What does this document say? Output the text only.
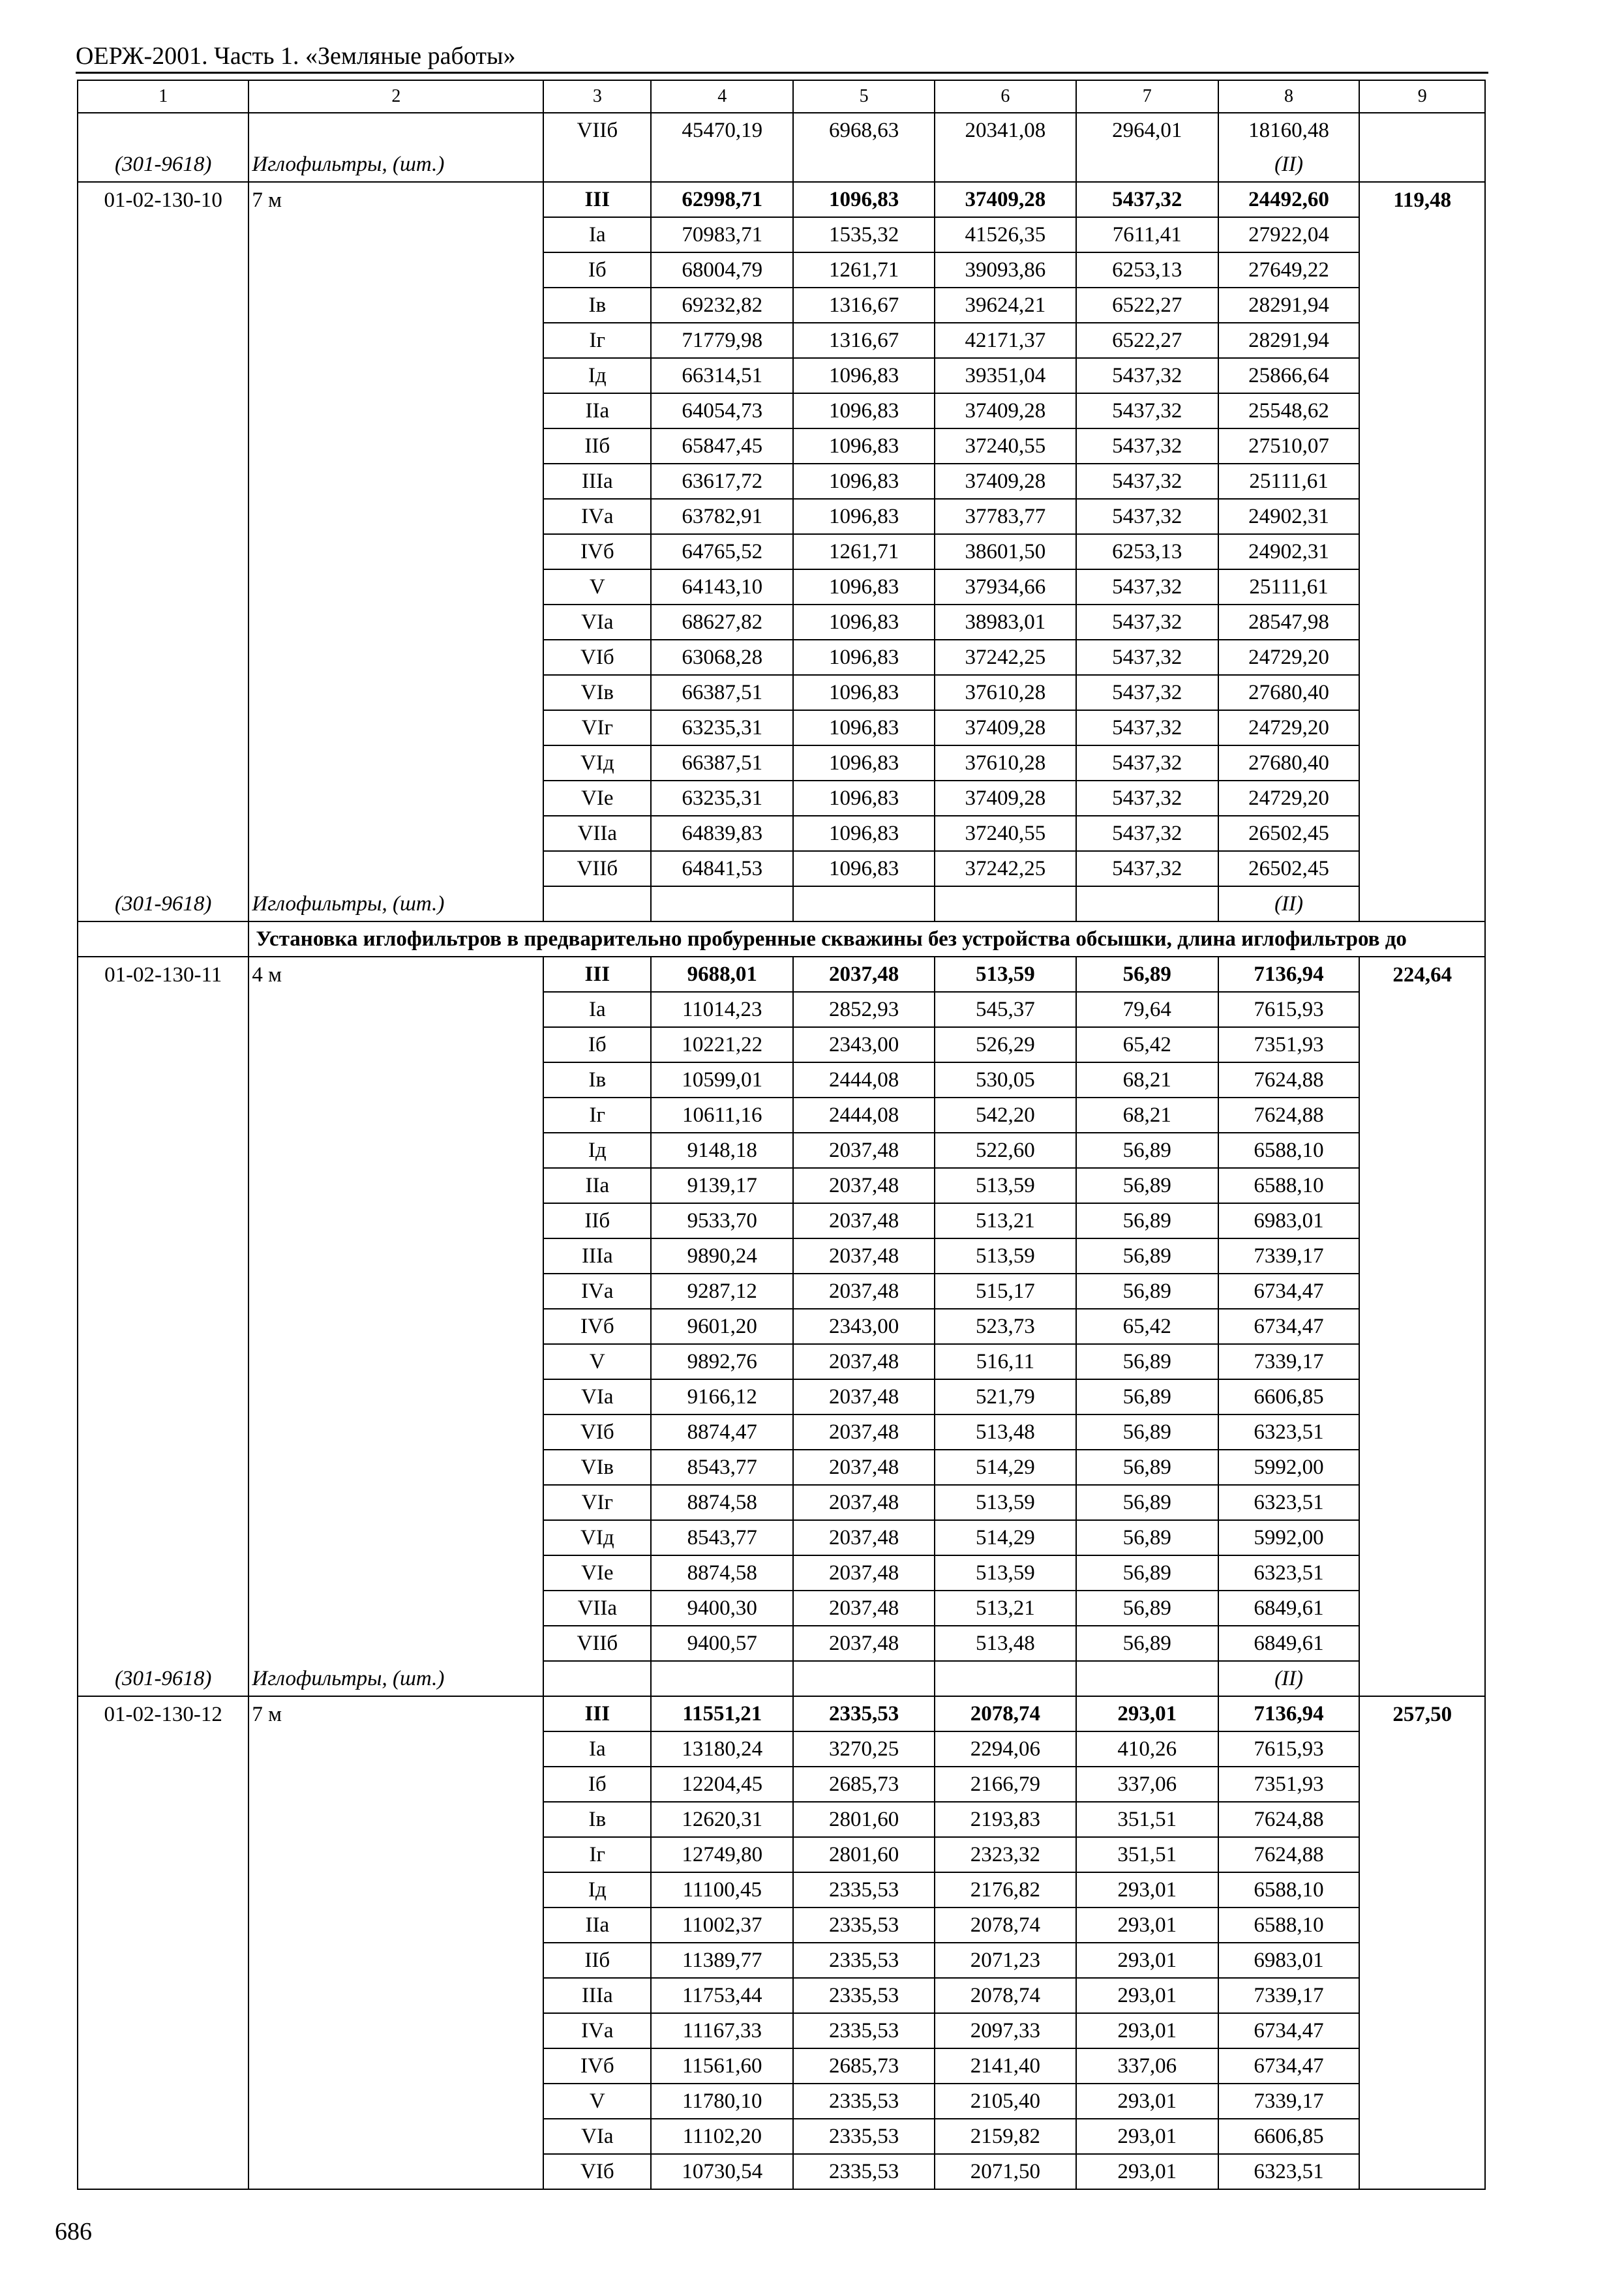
ОЕРЖ-2001. Часть 1. «Земляные работы»
1	2	3	4	5	6	7	8	9
		VIIб	45470,19	6968,63	20341,08	2964,01	18160,48	
(301-9618)	Иглофильтры, (шт.)						(II)	
01-02-130-10	7 м	III	62998,71	1096,83	37409,28	5437,32	24492,60	119,48
		Iа	70983,71	1535,32	41526,35	7611,41	27922,04	
		Iб	68004,79	1261,71	39093,86	6253,13	27649,22	
		Iв	69232,82	1316,67	39624,21	6522,27	28291,94	
		Iг	71779,98	1316,67	42171,37	6522,27	28291,94	
		Iд	66314,51	1096,83	39351,04	5437,32	25866,64	
		IIа	64054,73	1096,83	37409,28	5437,32	25548,62	
		IIб	65847,45	1096,83	37240,55	5437,32	27510,07	
		IIIа	63617,72	1096,83	37409,28	5437,32	25111,61	
		IVа	63782,91	1096,83	37783,77	5437,32	24902,31	
		IVб	64765,52	1261,71	38601,50	6253,13	24902,31	
		V	64143,10	1096,83	37934,66	5437,32	25111,61	
		VIа	68627,82	1096,83	38983,01	5437,32	28547,98	
		VIб	63068,28	1096,83	37242,25	5437,32	24729,20	
		VIв	66387,51	1096,83	37610,28	5437,32	27680,40	
		VIг	63235,31	1096,83	37409,28	5437,32	24729,20	
		VIд	66387,51	1096,83	37610,28	5437,32	27680,40	
		VIе	63235,31	1096,83	37409,28	5437,32	24729,20	
		VIIа	64839,83	1096,83	37240,55	5437,32	26502,45	
		VIIб	64841,53	1096,83	37242,25	5437,32	26502,45	
(301-9618)	Иглофильтры, (шт.)						(II)	
	Установка иглофильтров в предварительно пробуренные скважины без устройства обсышки, длина иглофильтров до							
01-02-130-11	4 м	III	9688,01	2037,48	513,59	56,89	7136,94	224,64
		Iа	11014,23	2852,93	545,37	79,64	7615,93	
		Iб	10221,22	2343,00	526,29	65,42	7351,93	
		Iв	10599,01	2444,08	530,05	68,21	7624,88	
		Iг	10611,16	2444,08	542,20	68,21	7624,88	
		Iд	9148,18	2037,48	522,60	56,89	6588,10	
		IIа	9139,17	2037,48	513,59	56,89	6588,10	
		IIб	9533,70	2037,48	513,21	56,89	6983,01	
		IIIа	9890,24	2037,48	513,59	56,89	7339,17	
		IVа	9287,12	2037,48	515,17	56,89	6734,47	
		IVб	9601,20	2343,00	523,73	65,42	6734,47	
		V	9892,76	2037,48	516,11	56,89	7339,17	
		VIа	9166,12	2037,48	521,79	56,89	6606,85	
		VIб	8874,47	2037,48	513,48	56,89	6323,51	
		VIв	8543,77	2037,48	514,29	56,89	5992,00	
		VIг	8874,58	2037,48	513,59	56,89	6323,51	
		VIд	8543,77	2037,48	514,29	56,89	5992,00	
		VIе	8874,58	2037,48	513,59	56,89	6323,51	
		VIIа	9400,30	2037,48	513,21	56,89	6849,61	
		VIIб	9400,57	2037,48	513,48	56,89	6849,61	
(301-9618)	Иглофильтры, (шт.)						(II)	
01-02-130-12	7 м	III	11551,21	2335,53	2078,74	293,01	7136,94	257,50
		Iа	13180,24	3270,25	2294,06	410,26	7615,93	
		Iб	12204,45	2685,73	2166,79	337,06	7351,93	
		Iв	12620,31	2801,60	2193,83	351,51	7624,88	
		Iг	12749,80	2801,60	2323,32	351,51	7624,88	
		Iд	11100,45	2335,53	2176,82	293,01	6588,10	
		IIа	11002,37	2335,53	2078,74	293,01	6588,10	
		IIб	11389,77	2335,53	2071,23	293,01	6983,01	
		IIIа	11753,44	2335,53	2078,74	293,01	7339,17	
		IVа	11167,33	2335,53	2097,33	293,01	6734,47	
		IVб	11561,60	2685,73	2141,40	337,06	6734,47	
		V	11780,10	2335,53	2105,40	293,01	7339,17	
		VIа	11102,20	2335,53	2159,82	293,01	6606,85	
		VIб	10730,54	2335,53	2071,50	293,01	6323,51	
686
